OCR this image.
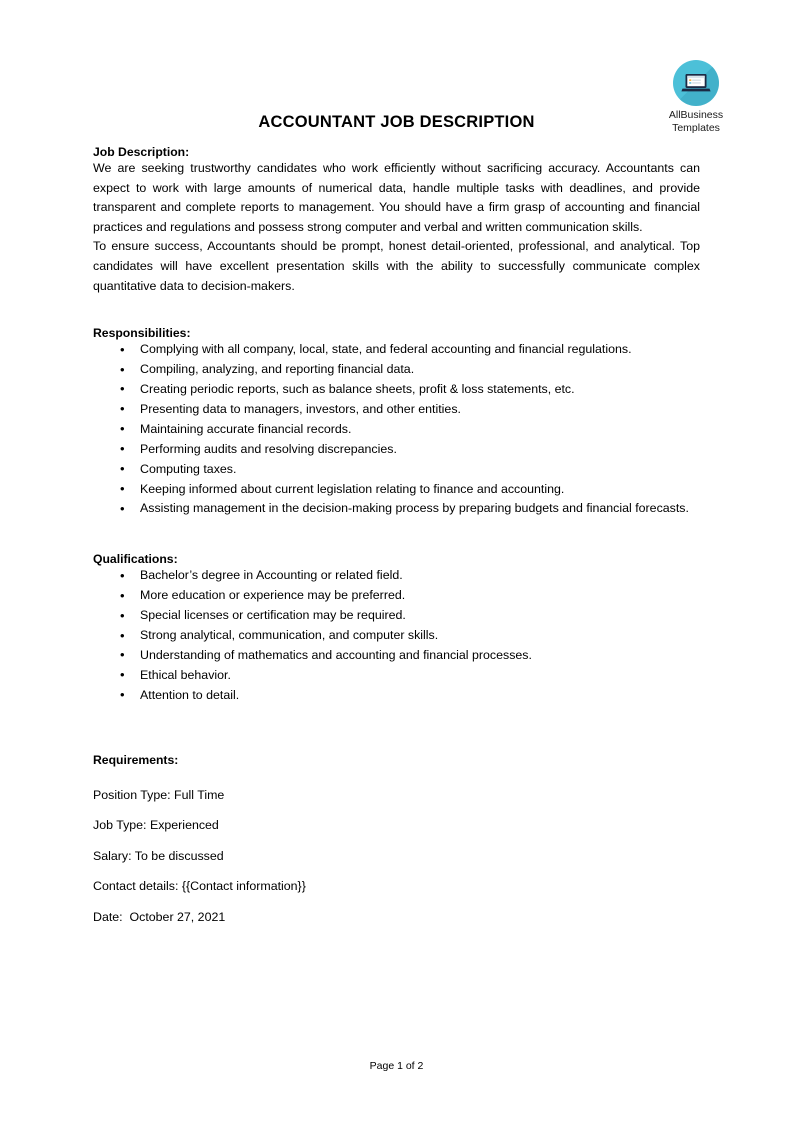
AllBusiness
Templates
ACCOUNTANT JOB DESCRIPTION
Job Description:

We are seeking trustworthy candidates who work efficiently without sacrificing accuracy. Accountants can expect to work with large amounts of numerical data, handle multiple tasks with deadlines, and provide transparent and complete reports to management. You should have a firm grasp of accounting and financial practices and regulations and possess strong computer and verbal and written communication skills.

To ensure success, Accountants should be prompt, honest detail-oriented, professional, and analytical. Top candidates will have excellent presentation skills with the ability to successfully communicate complex quantitative data to decision-makers.

Responsibilities:
• Complying with all company, local, state, and federal accounting and financial regulations.
• Compiling, analyzing, and reporting financial data.
• Creating periodic reports, such as balance sheets, profit & loss statements, etc.
• Presenting data to managers, investors, and other entities.
• Maintaining accurate financial records.
• Performing audits and resolving discrepancies.
• Computing taxes.
• Keeping informed about current legislation relating to finance and accounting.
• Assisting management in the decision-making process by preparing budgets and financial forecasts.
Qualifications:
• Bachelor’s degree in Accounting or related field.
• More education or experience may be preferred.
• Special licenses or certification may be required.
• Strong analytical, communication, and computer skills.
• Understanding of mathematics and accounting and financial processes.
• Ethical behavior.
• Attention to detail.
Requirements:

Position Type: Full Time

Job Type: Experienced

Salary: To be discussed

Contact details: {{Contact information}}

Date:  October 27, 2021

Page 1 of 2
